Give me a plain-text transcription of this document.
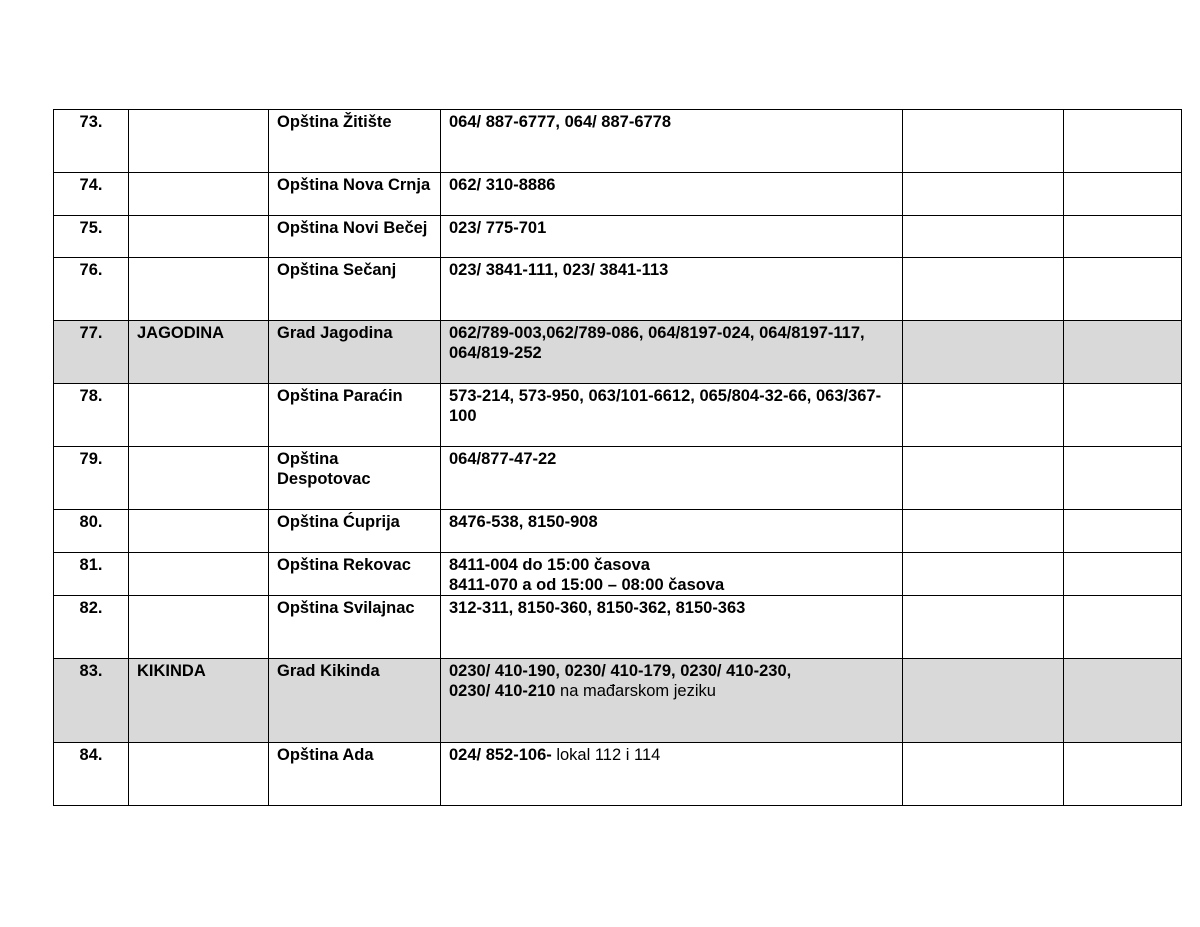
73.		Opština Žitište	064/ 887-6777, 064/ 887-6778		
74.		Opština Nova Crnja	062/ 310-8886		
75.		Opština Novi Bečej	023/ 775-701		
76.		Opština Sečanj	023/ 3841-111, 023/ 3841-113		
77.	JAGODINA	Grad Jagodina	062/789-003,062/789-086, 064/8197-024, 064/8197-117,
064/819-252		
78.		Opština Paraćin	573-214, 573-950, 063/101-6612, 065/804-32-66, 063/367-100		
79.		Opština Despotovac	064/877-47-22		
80.		Opština Ćuprija	8476-538, 8150-908		
81.		Opština Rekovac	8411-004 do 15:00 časova
8411-070 a od 15:00 – 08:00 časova		
82.		Opština Svilajnac	312-311, 8150-360, 8150-362, 8150-363		
83.	KIKINDA	Grad Kikinda	0230/ 410-190, 0230/ 410-179, 0230/ 410-230,
0230/ 410-210 na mađarskom jeziku		
84.		Opština Ada	024/ 852-106- lokal 112 i 114		
